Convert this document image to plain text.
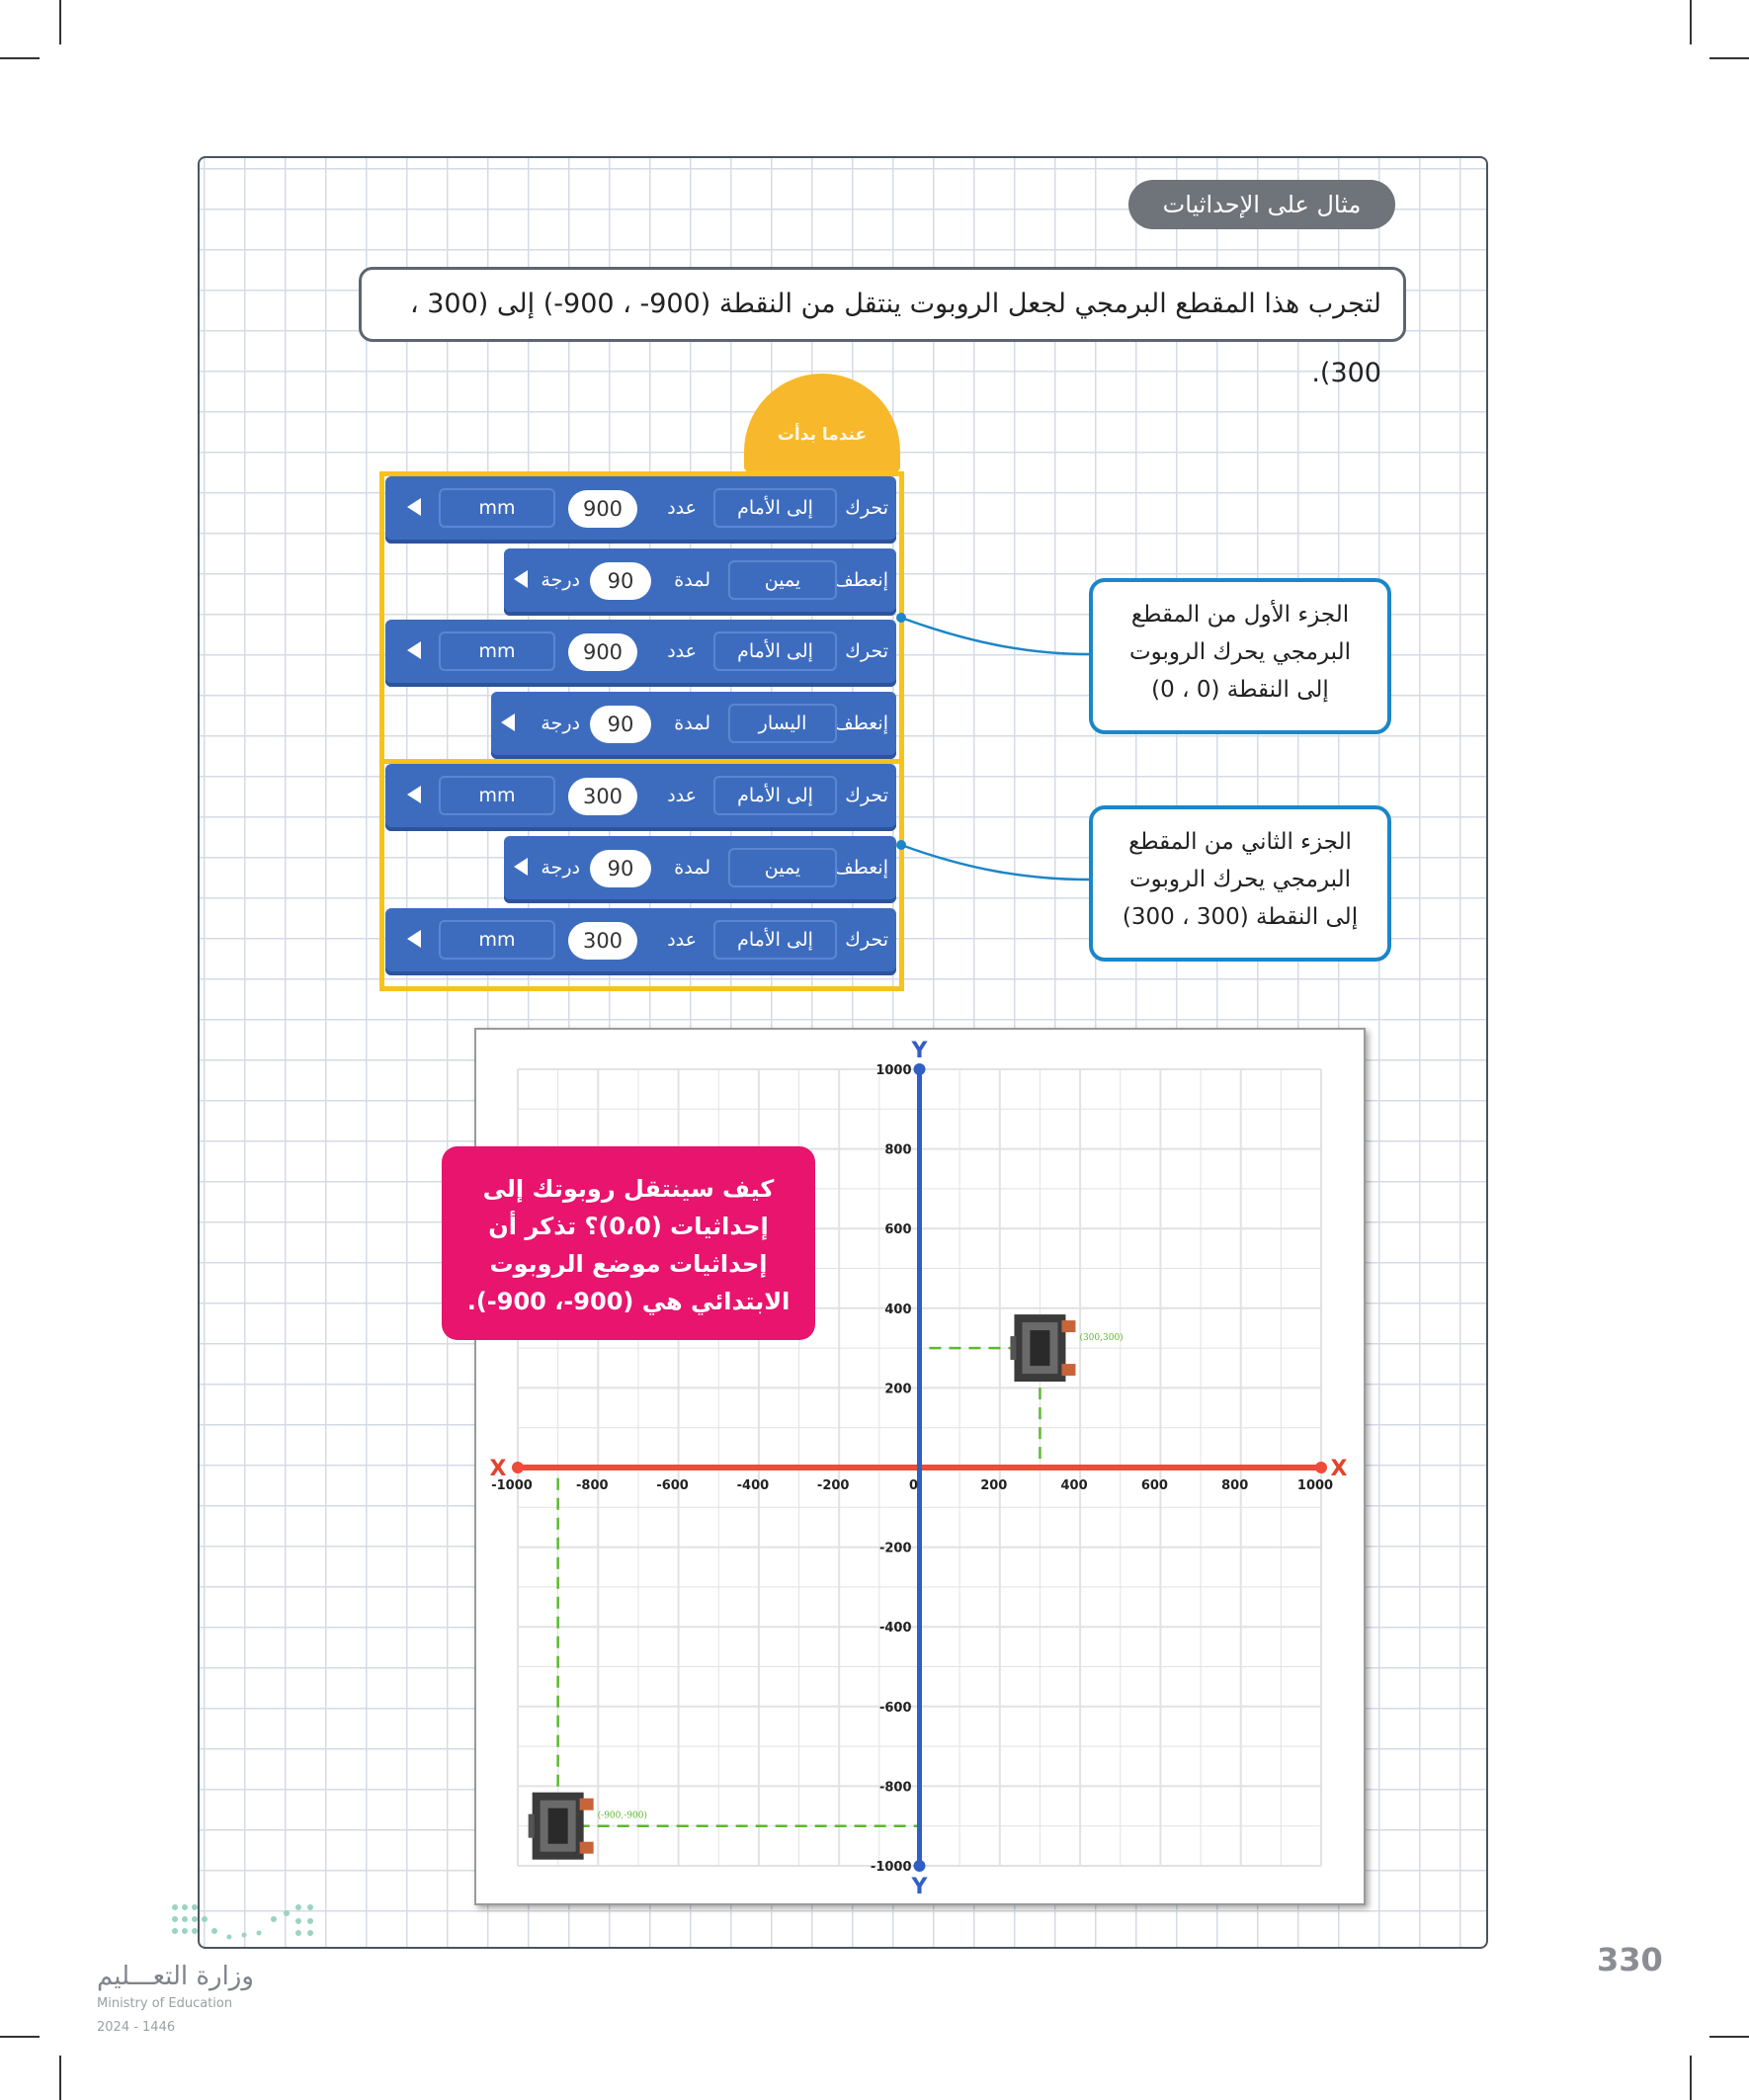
مثال على الإحداثيات
لتجرب هذا المقطع البرمجي لجعل الروبوت ينتقل من النقطة (900- ، 900-) إلى (300 ، 300).
عندما بدأت
تحرك
إلى الأمام
عدد
900
mm
إنعطف
يمين
لمدة
90
درجة
تحرك
إلى الأمام
عدد
900
mm
إنعطف
اليسار
لمدة
90
درجة
تحرك
إلى الأمام
عدد
300
mm
إنعطف
يمين
لمدة
90
درجة
تحرك
إلى الأمام
عدد
300
mm
الجزء الأول من المقطع
البرمجي يحرك الروبوت
إلى النقطة (0 ، 0)
الجزء الثاني من المقطع
البرمجي يحرك الروبوت
إلى النقطة (300 ، 300)
X	X
Y
Y
-1000	-800	-600	-400	-200	0	200	400	600	800	1000
1000
800
600
400
200
-200
-400
-600
-800
-1000
(-900,-900)
(300,300)
كيف سينتقل روبوتك إلى
إحداثيات (0،0)؟ تذكر أن
إحداثيات موضع الروبوت
الابتدائي هي (900-، 900-).
وزارة التعـــليم
Ministry of Education
2024 - 1446
330
